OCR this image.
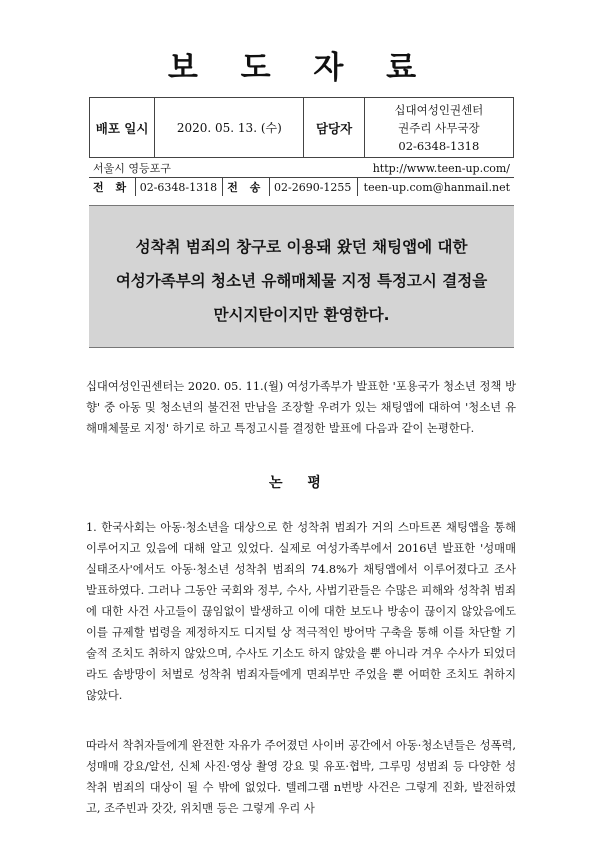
보 도 자 료
배포 일시	2020. 05. 13. (수)	담당자	
십대여성인권센터
권주리 사무국장
02-6348-1318
서울시 영등포구				http://www.teen-up.com/
전 화	02-6348-1318	전 송	02-2690-1255	teen-up.com@hanmail.net
성착취 범죄의 창구로 이용돼 왔던 채팅앱에 대한
여성가족부의 청소년 유해매체물 지정 특정고시 결정을
만시지탄이지만 환영한다.

십대여성인권센터는 2020. 05. 11.(월) 여성가족부가 발표한 '포용국가 청소년 정책 방향' 중 아동 및 청소년의 불건전 만남을 조장할 우려가 있는 채팅앱에 대하여 '청소년 유해매체물로 지정' 하기로 하고 특정고시를 결정한 발표에 다음과 같이 논평한다.

논 평

1. 한국사회는 아동·청소년을 대상으로 한 성착취 범죄가 거의 스마트폰 채팅앱을 통해 이루어지고 있음에 대해 알고 있었다. 실제로 여성가족부에서 2016년 발표한 '성매매 실태조사'에서도 아동·청소년 성착취 범죄의 74.8%가 채팅앱에서 이루어졌다고 조사 발표하였다. 그러나 그동안 국회와 정부, 수사, 사법기관들은 수많은 피해와 성착취 범죄에 대한 사건 사고들이 끊임없이 발생하고 이에 대한 보도나 방송이 끊이지 않았음에도 이를 규제할 법령을 제정하지도 디지털 상 적극적인 방어막 구축을 통해 이를 차단할 기술적 조치도 취하지 않았으며, 수사도 기소도 하지 않았을 뿐 아니라 겨우 수사가 되었더라도 솜방망이 처벌로 성착취 범죄자들에게 면죄부만 주었을 뿐 어떠한 조치도 취하지 않았다.

따라서 착취자들에게 완전한 자유가 주어졌던 사이버 공간에서 아동·청소년들은 성폭력, 성매매 강요/알선, 신체 사진·영상 촬영 강요 및 유포·협박, 그루밍 성범죄 등 다양한 성착취 범죄의 대상이 될 수 밖에 없었다. 텔레그램 n번방 사건은 그렇게 진화, 발전하였고, 조주빈과 갓갓, 위치맨 등은 그렇게 우리 사
